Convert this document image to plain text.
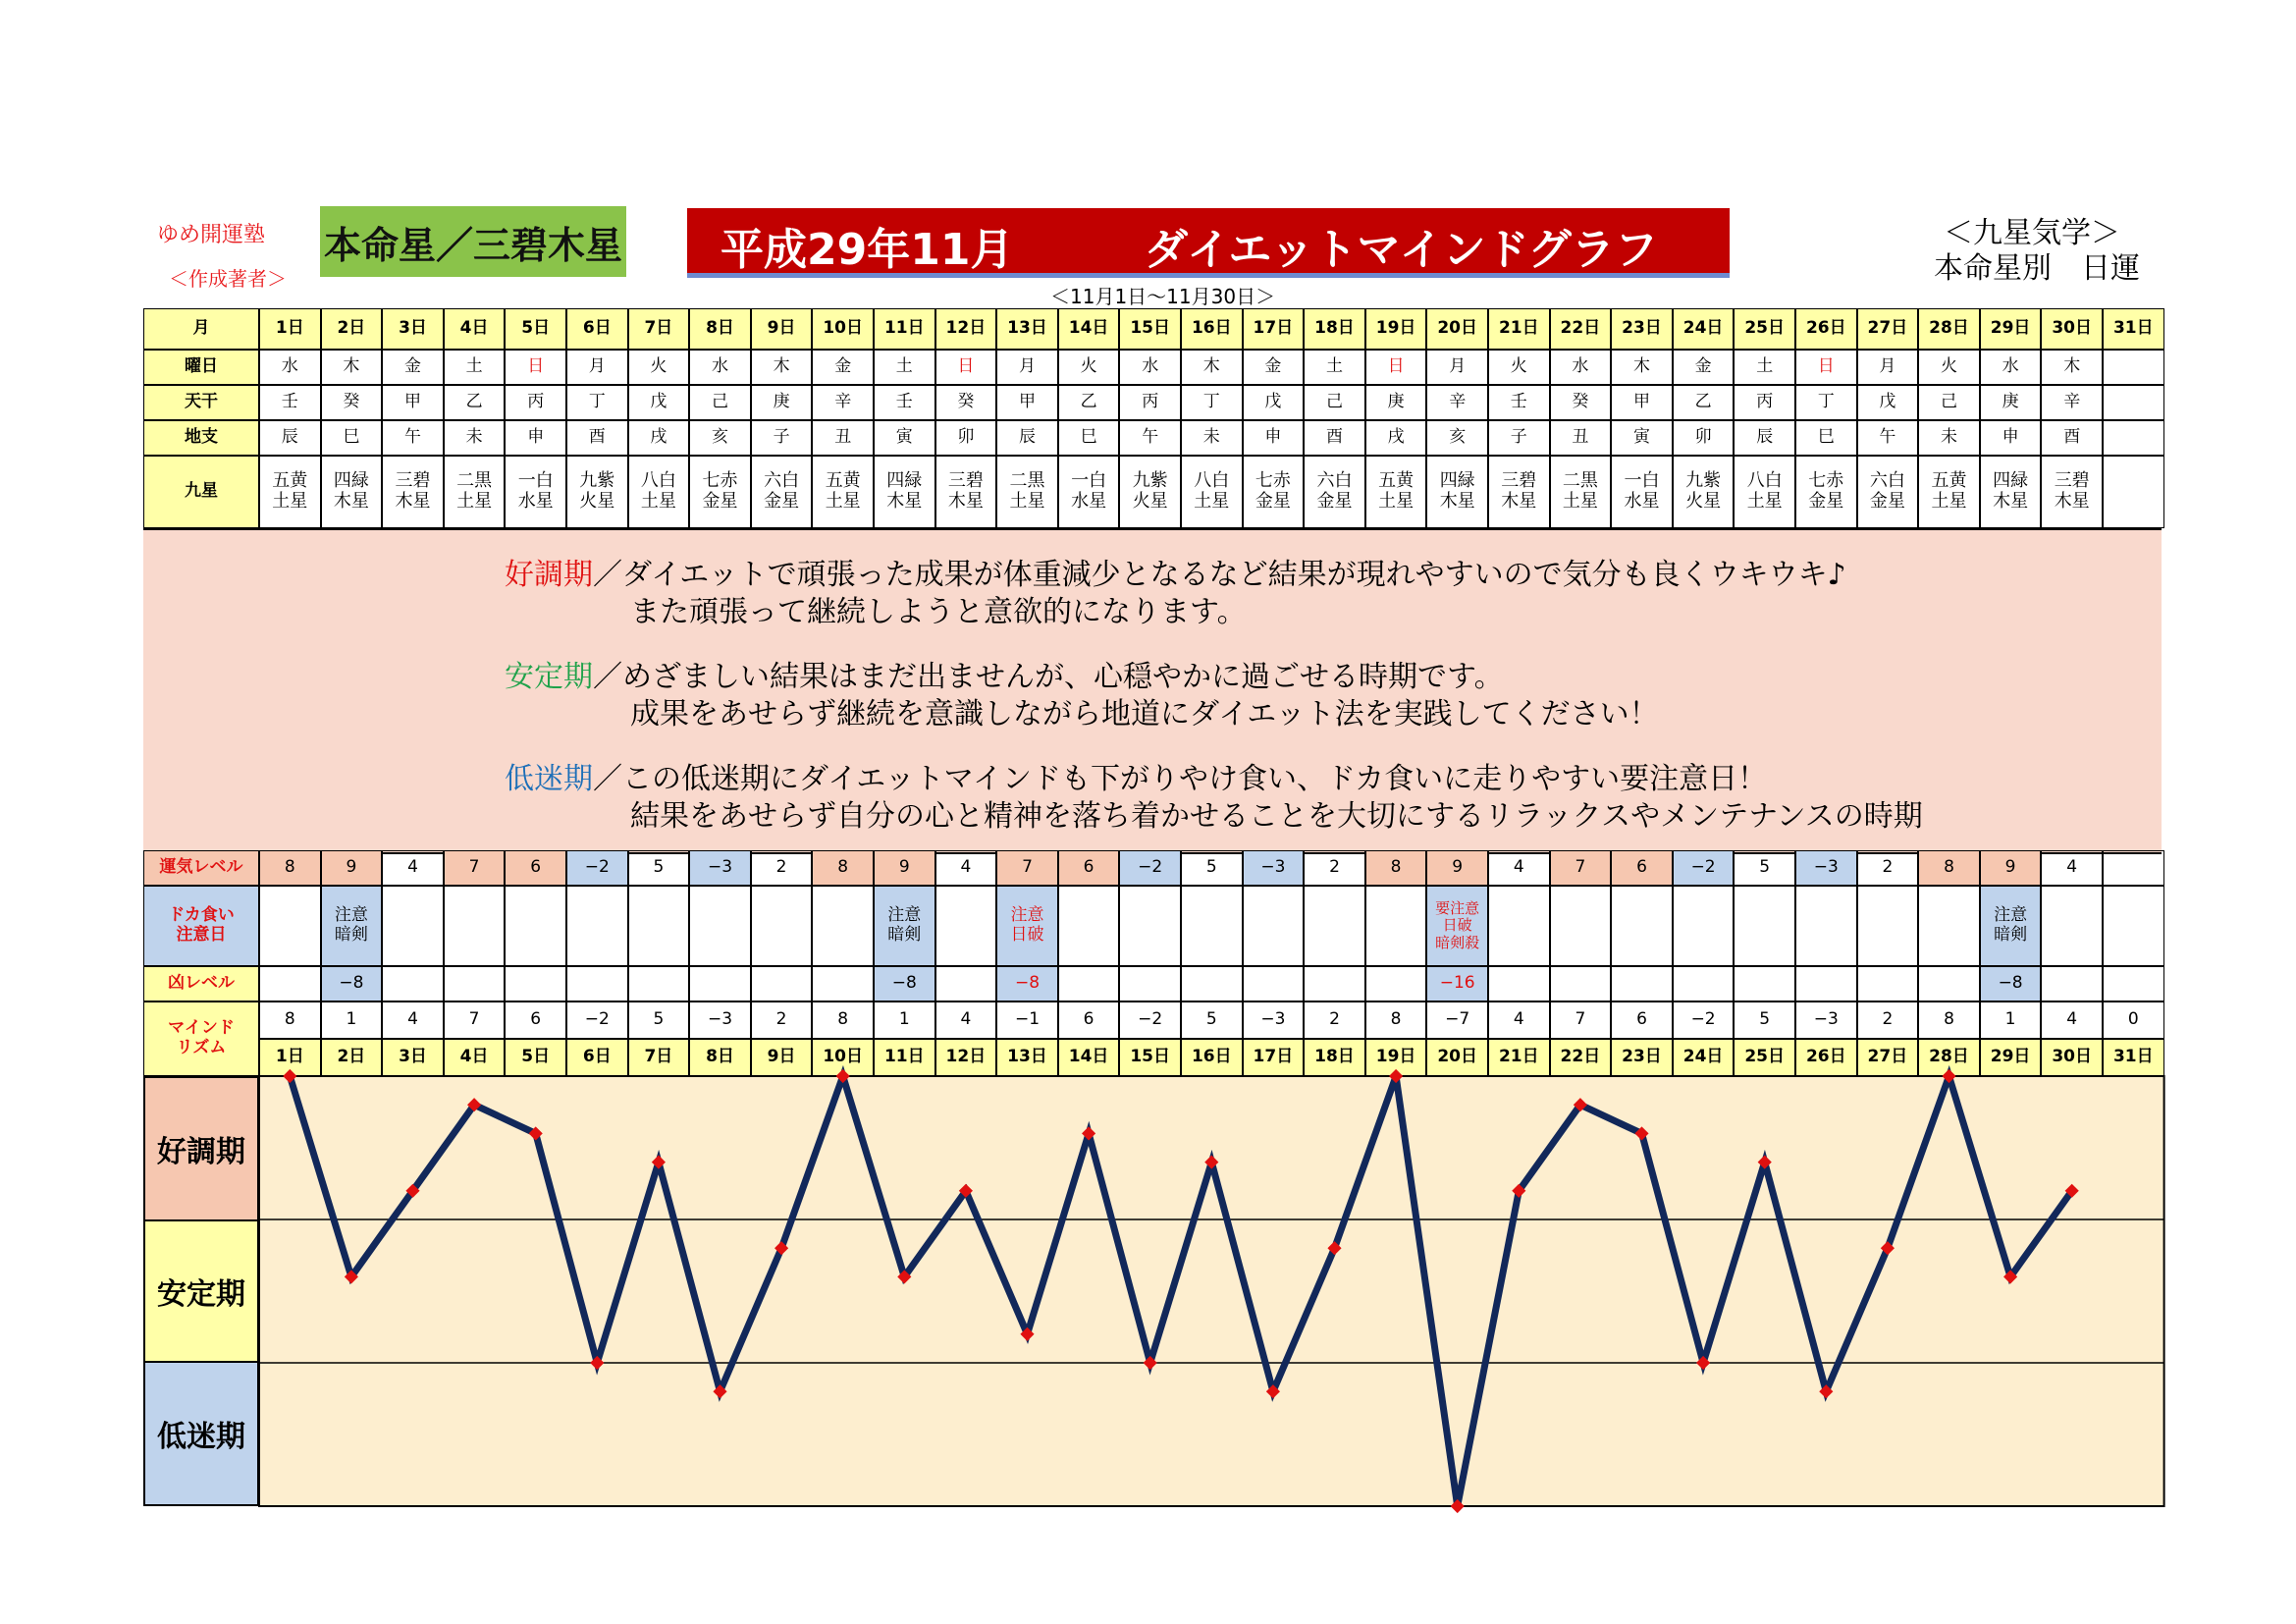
ゆめ開運塾
＜作成著者＞
本命星／三碧木星 平成29年11月	ダイエットマインドグラフ
＜11月1日～11月30日＞
＜九星気学＞
本命星別　日運
好調期／ダイエットで頑張った成果が体重減少となるなど結果が現れやすいので気分も良くウキウキ♪
また頑張って継続しようと意欲的になります。
安定期／めざましい結果はまだ出ませんが、心穏やかに過ごせる時期です。
成果をあせらず継続を意識しながら地道にダイエット法を実践してください！
低迷期／この低迷期にダイエットマインドも下がりやけ食い、ドカ食いに走りやすい要注意日！
結果をあせらず自分の心と精神を落ち着かせることを大切にするリラックスやメンテナンスの時期
月
曜日
天干
地支
九星
1日
水
壬
辰
五黄
土星
2日
木
癸
巳
四緑
木星
3日
金
甲
午
三碧
木星
4日
土
乙
未
二黒
土星
5日
日
丙
申
一白
水星
6日
月
丁
酉
九紫
火星
7日
火
戊
戌
八白
土星
8日
水
己
亥
七赤
金星
9日
木
庚
子
六白
金星
10日
金
辛
丑
五黄
土星
11日
土
壬
寅
四緑
木星
12日
日
癸
卯
三碧
木星
13日
月
甲
辰
二黒
土星
14日
火
乙
巳
一白
水星
15日
水
丙
午
九紫
火星
16日
木
丁
未
八白
土星
17日
金
戊
申
七赤
金星
18日
土
己
酉
六白
金星
19日
日
庚
戌
五黄
土星
20日
月
辛
亥
四緑
木星
21日
火
壬
子
三碧
木星
22日
水
癸
丑
二黒
土星
23日
木
甲
寅
一白
水星
24日
金
乙
卯
九紫
火星
25日
土
丙
辰
八白
土星
26日
日
丁
巳
七赤
金星
27日
月
戊
午
六白
金星
28日
火
己
未
五黄
土星
29日
水
庚
申
四緑
木星
30日
木
辛
酉
三碧
木星
31日
運気レベル
ドカ食い
注意日
凶レベル
マインド
リズム
8
8
1日
9
注意
暗剣
−8
1
2日
4
4
3日
7
7
4日
6
6
5日
−2
−2
6日
5
5
7日
−3
−3
8日
2
2
9日
8
8
10日
9
注意
暗剣
−8
1
11日
4
4
12日
7
注意
日破
−8
−1
13日
6
6
14日
−2
−2
15日
5
5
16日
−3
−3
17日
2
2
18日
8
8
19日
9
要注意
日破
暗剣殺
−16
−7
20日
4
4
21日
7
7
22日
6
6
23日
−2
−2
24日
5
5
25日
−3
−3
26日
2
2
27日
8
8
28日
9
注意
暗剣
−8
1
29日
4
4
30日
0
31日
好調期
安定期
低迷期
